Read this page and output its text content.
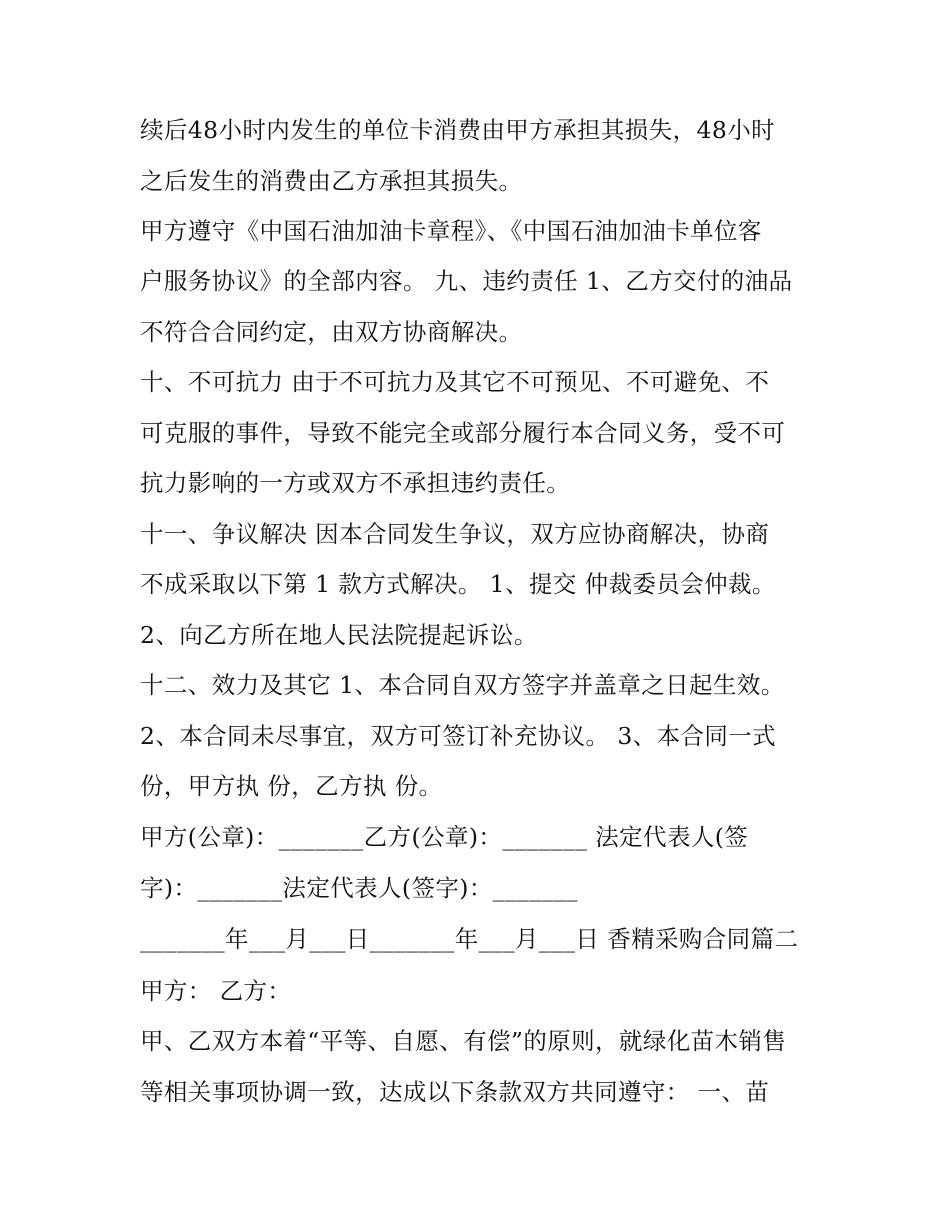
续后48小时内发生的单位卡消费由甲方承担其损失，48小时
之后发生的消费由乙方承担其损失。
甲方遵守《中国石油加油卡章程》、《中国石油加油卡单位客
户服务协议》的全部内容。 九、违约责任 1、乙方交付的油品
不符合合同约定，由双方协商解决。
十、不可抗力 由于不可抗力及其它不可预见、不可避免、不
可克服的事件，导致不能完全或部分履行本合同义务，受不可
抗力影响的一方或双方不承担违约责任。
十一、争议解决 因本合同发生争议，双方应协商解决，协商
不成采取以下第 1 款方式解决。 1、提交 仲裁委员会仲裁。
2、向乙方所在地人民法院提起诉讼。
十二、效力及其它 1、本合同自双方签字并盖章之日起生效。
2、本合同未尽事宜，双方可签订补充协议。 3、本合同一式
份，甲方执 份，乙方执 份。
甲方(公章)：_______乙方(公章)：_______ 法定代表人(签
字)：_______法定代表人(签字)：_______
_______年___月___日_______年___月___日 香精采购合同篇二
甲方： 乙方：
甲、乙双方本着“平等、自愿、有偿”的原则，就绿化苗木销售
等相关事项协调一致，达成以下条款双方共同遵守： 一、苗
